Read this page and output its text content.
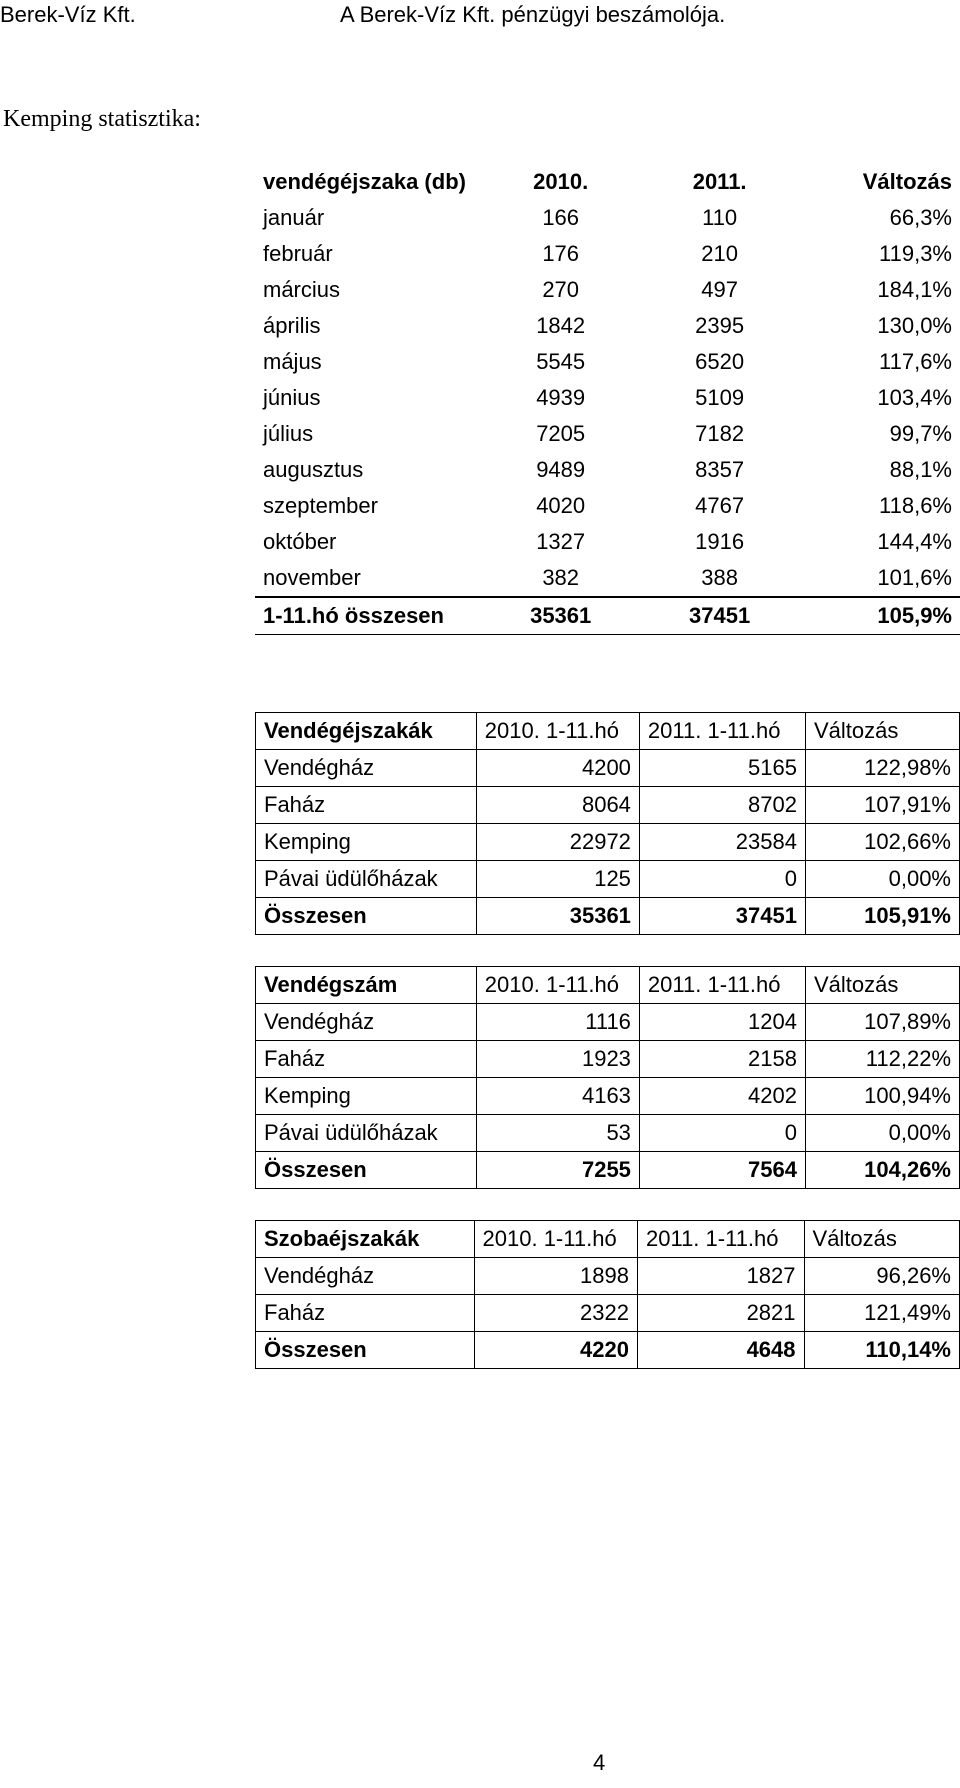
Berek-Víz Kft.	A Berek-Víz Kft. pénzügyi beszámolója.
Kemping statisztika:
vendégéjszaka (db)	2010.	2011.	Változás
január	166	110	66,3%
február	176	210	119,3%
március	270	497	184,1%
április	1842	2395	130,0%
május	5545	6520	117,6%
június	4939	5109	103,4%
július	7205	7182	99,7%
augusztus	9489	8357	88,1%
szeptember	4020	4767	118,6%
október	1327	1916	144,4%
november	382	388	101,6%
1-11.hó összesen	35361	37451	105,9%
Vendégéjszakák	2010. 1-11.hó	2011. 1-11.hó	Változás
Vendégház	4200	5165	122,98%
Faház	8064	8702	107,91%
Kemping	22972	23584	102,66%
Pávai üdülőházak	125	0	0,00%
Összesen	35361	37451	105,91%
Vendégszám	2010. 1-11.hó	2011. 1-11.hó	Változás
Vendégház	1116	1204	107,89%
Faház	1923	2158	112,22%
Kemping	4163	4202	100,94%
Pávai üdülőházak	53	0	0,00%
Összesen	7255	7564	104,26%
Szobaéjszakák	2010. 1-11.hó	2011. 1-11.hó	Változás
Vendégház	1898	1827	96,26%
Faház	2322	2821	121,49%
Összesen	4220	4648	110,14%
4
